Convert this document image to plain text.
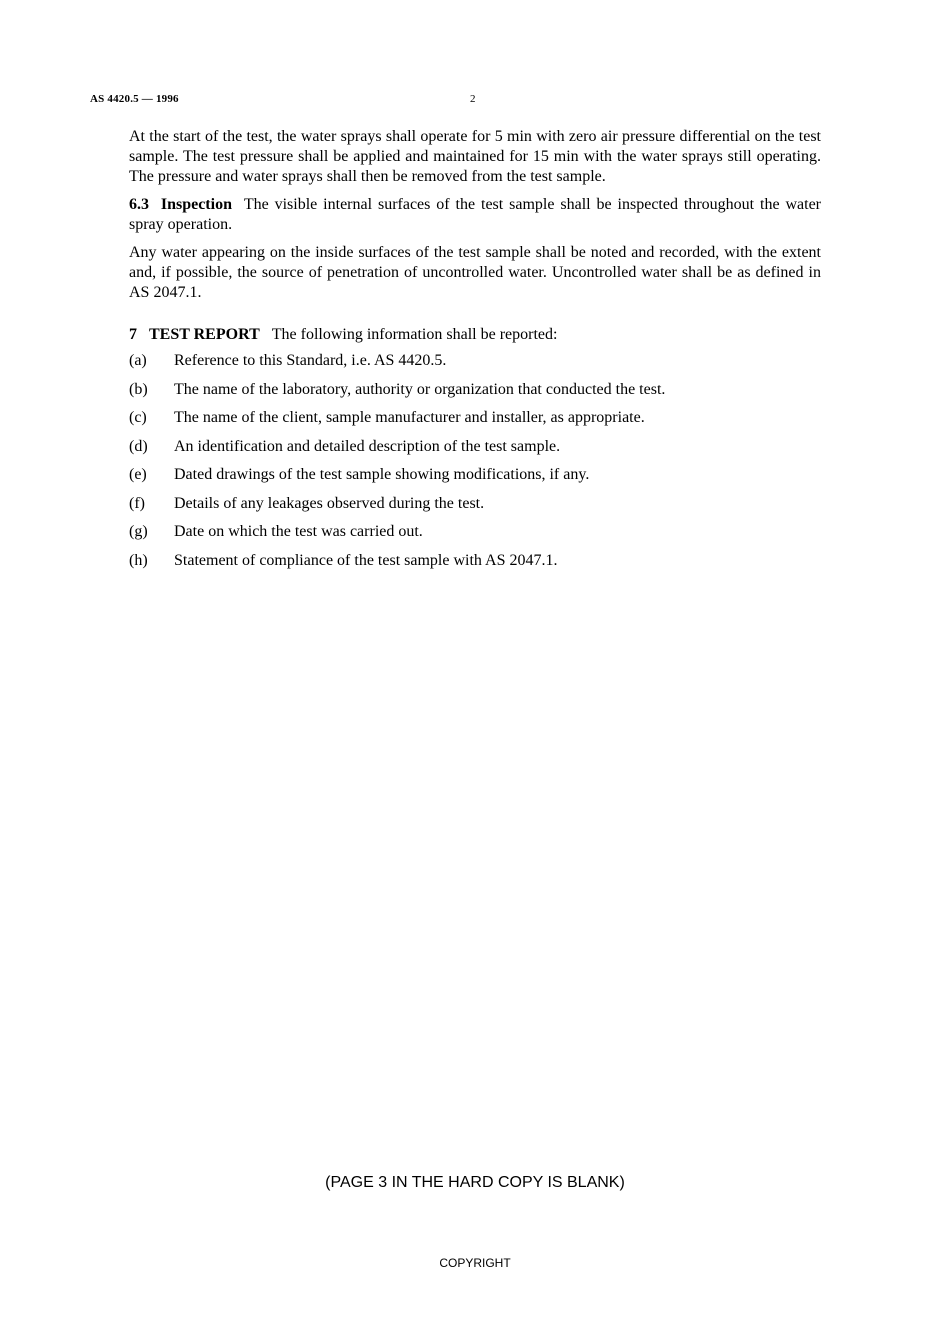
AS 4420.5 — 1996	2

At the start of the test, the water sprays shall operate for 5 min with zero air pressure differential on the test sample. The test pressure shall be applied and maintained for 15 min with the water sprays still operating. The pressure and water sprays shall then be removed from the test sample.

6.3 Inspection The visible internal surfaces of the test sample shall be inspected throughout the water spray operation.

Any water appearing on the inside surfaces of the test sample shall be noted and recorded, with the extent and, if possible, the source of penetration of uncontrolled water. Uncontrolled water shall be as defined in AS 2047.1.

7 TEST REPORT The following information shall be reported:

(a)	Reference to this Standard, i.e. AS 4420.5.
(b)	The name of the laboratory, authority or organization that conducted the test.
(c)	The name of the client, sample manufacturer and installer, as appropriate.
(d)	An identification and detailed description of the test sample.
(e)	Dated drawings of the test sample showing modifications, if any.
(f)	Details of any leakages observed during the test.
(g)	Date on which the test was carried out.
(h)	Statement of compliance of the test sample with AS 2047.1.
(PAGE 3 IN THE HARD COPY IS BLANK)
COPYRIGHT
